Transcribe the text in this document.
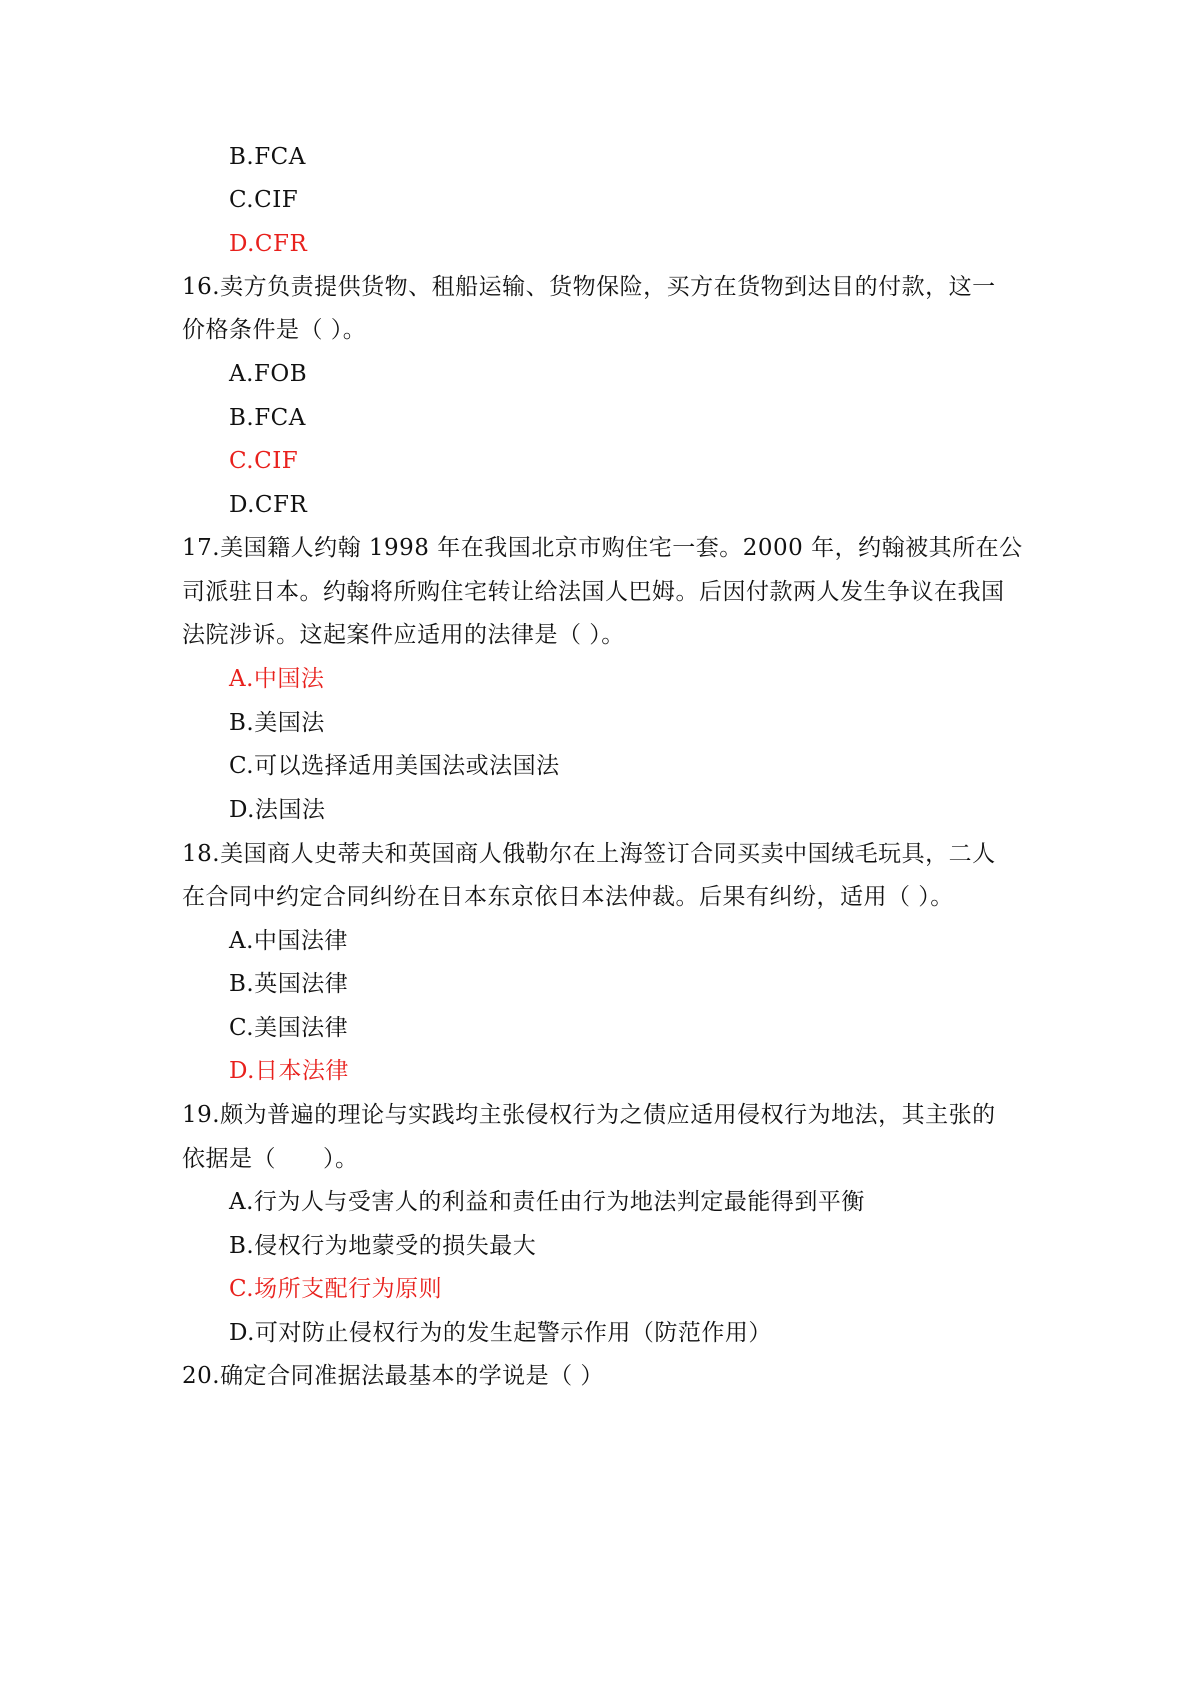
B.FCA
C.CIF
D.CFR
16.卖方负责提供货物、租船运输、货物保险，买方在货物到达目的付款，这一
价格条件是（ ）。
A.FOB
B.FCA
C.CIF
D.CFR
17.美国籍人约翰 1998 年在我国北京市购住宅一套。2000 年，约翰被其所在公
司派驻日本。约翰将所购住宅转让给法国人巴姆。后因付款两人发生争议在我国
法院涉诉。这起案件应适用的法律是（ ）。
A.中国法
B.美国法
C.可以选择适用美国法或法国法
D.法国法
18.美国商人史蒂夫和英国商人俄勒尔在上海签订合同买卖中国绒毛玩具，二人
在合同中约定合同纠纷在日本东京依日本法仲裁。后果有纠纷，适用（ ）。
A.中国法律
B.英国法律
C.美国法律
D.日本法律
19.颇为普遍的理论与实践均主张侵权行为之债应适用侵权行为地法，其主张的
依据是（　　）。
A.行为人与受害人的利益和责任由行为地法判定最能得到平衡
B.侵权行为地蒙受的损失最大
C.场所支配行为原则
D.可对防止侵权行为的发生起警示作用（防范作用）
20.确定合同准据法最基本的学说是（ ）
